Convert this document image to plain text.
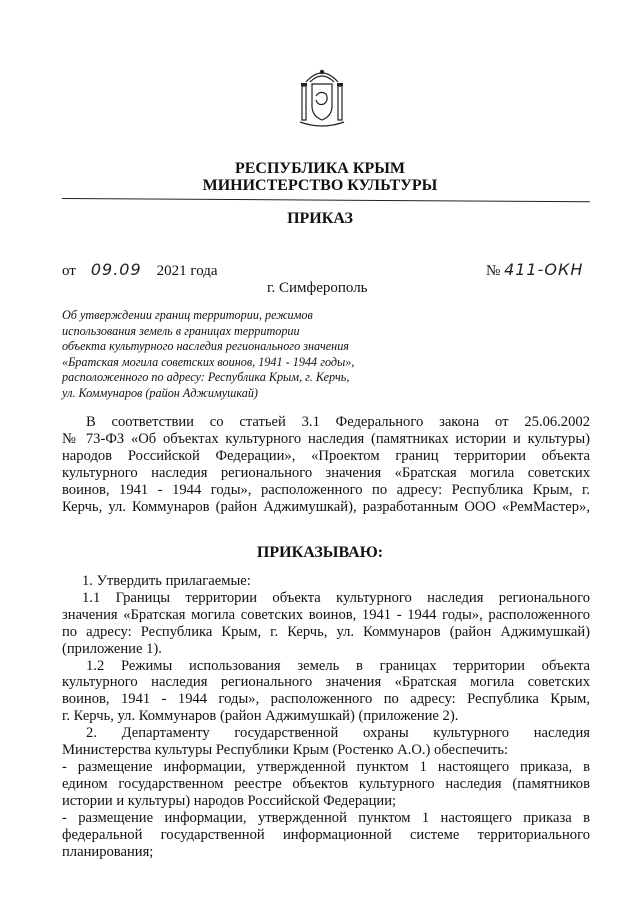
РЕСПУБЛИКА КРЫМ
МИНИСТЕРСТВО КУЛЬТУРЫ
ПРИКАЗ
от 09.09 2021 года	№ 411-ОКН
г. Симферополь
Об утверждении границ территории, режимов
использования земель в границах территории
объекта культурного наследия регионального значения
«Братская могила советских воинов, 1941 - 1944 годы»,
расположенного по адресу: Республика Крым, г. Керчь,
ул. Коммунаров (район Аджимушкай)
В соответствии со статьей 3.1 Федерального закона от 25.06.2002
№ 73-ФЗ «Об объектах культурного наследия (памятниках истории и культуры)
народов Российской Федерации», «Проектом границ территории объекта
культурного наследия регионального значения «Братская могила советских
воинов, 1941 - 1944 годы», расположенного по адресу: Республика Крым, г.
Керчь, ул. Коммунаров (район Аджимушкай), разработанным ООО «РемМастер»,
ПРИКАЗЫВАЮ:
1. Утвердить прилагаемые:
1.1 Границы территории объекта культурного наследия регионального
значения «Братская могила советских воинов, 1941 - 1944 годы», расположенного
по адресу: Республика Крым, г. Керчь, ул. Коммунаров (район Аджимушкай)
(приложение 1).
1.2 Режимы использования земель в границах территории объекта
культурного наследия регионального значения «Братская могила советских
воинов, 1941 - 1944 годы», расположенного по адресу: Республика Крым,
г. Керчь, ул. Коммунаров (район Аджимушкай) (приложение 2).
2. Департаменту государственной охраны культурного наследия
Министерства культуры Республики Крым (Ростенко А.О.) обеспечить:
- размещение информации, утвержденной пунктом 1 настоящего приказа, в
едином государственном реестре объектов культурного наследия (памятников
истории и культуры) народов Российской Федерации;
- размещение информации, утвержденной пунктом 1 настоящего приказа в
федеральной государственной информационной системе территориального
планирования;
